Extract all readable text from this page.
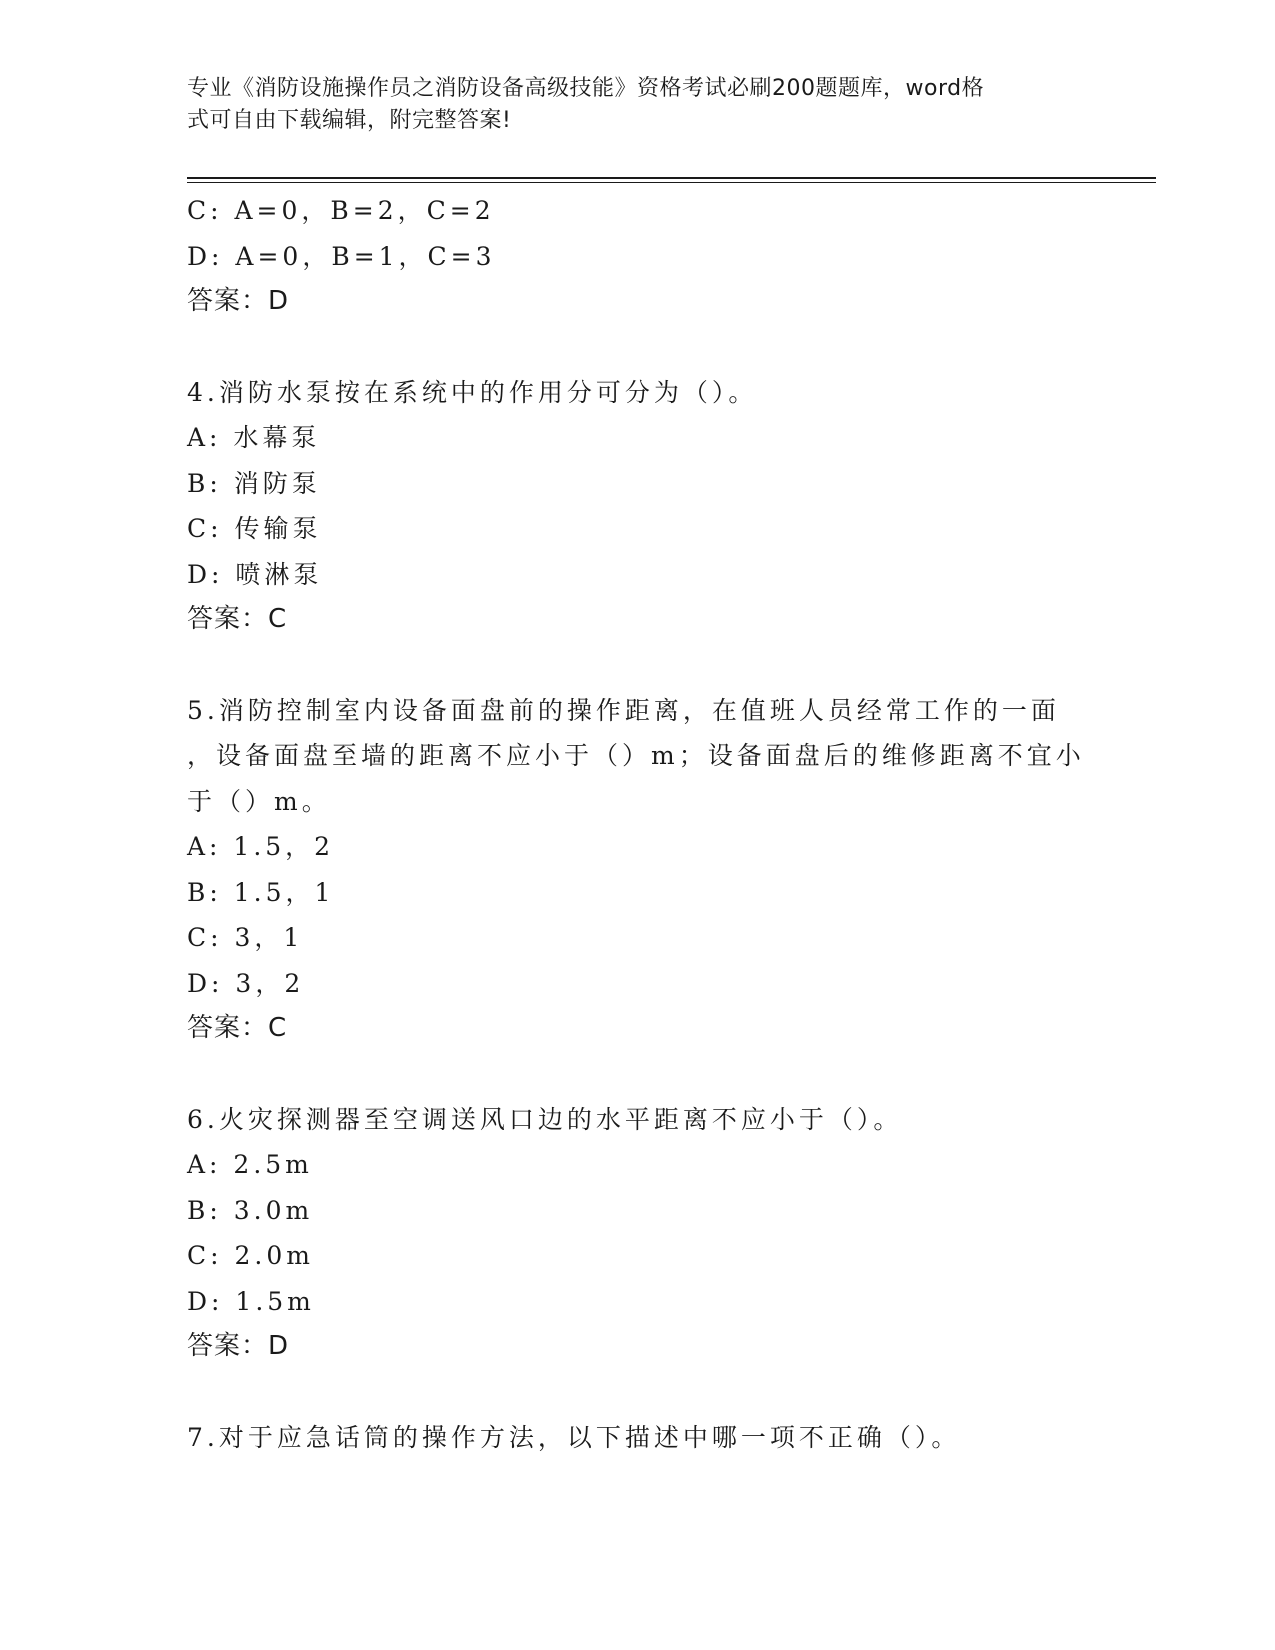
专业《消防设施操作员之消防设备高级技能》资格考试必刷200题题库，word格
式可自由下载编辑，附完整答案!
C: A=0，B=2，C=2
D: A=0，B=1，C=3
答案：D
4.消防水泵按在系统中的作用分可分为（）。
A: 水幕泵
B: 消防泵
C: 传输泵
D: 喷淋泵
答案：C
5.消防控制室内设备面盘前的操作距离，在值班人员经常工作的一面
，设备面盘至墙的距离不应小于（）m；设备面盘后的维修距离不宜小
于（）m。
A: 1.5，2
B: 1.5，1
C: 3，1
D: 3，2
答案：C
6.火灾探测器至空调送风口边的水平距离不应小于（）。
A: 2.5m
B: 3.0m
C: 2.0m
D: 1.5m
答案：D
7.对于应急话筒的操作方法，以下描述中哪一项不正确（）。
